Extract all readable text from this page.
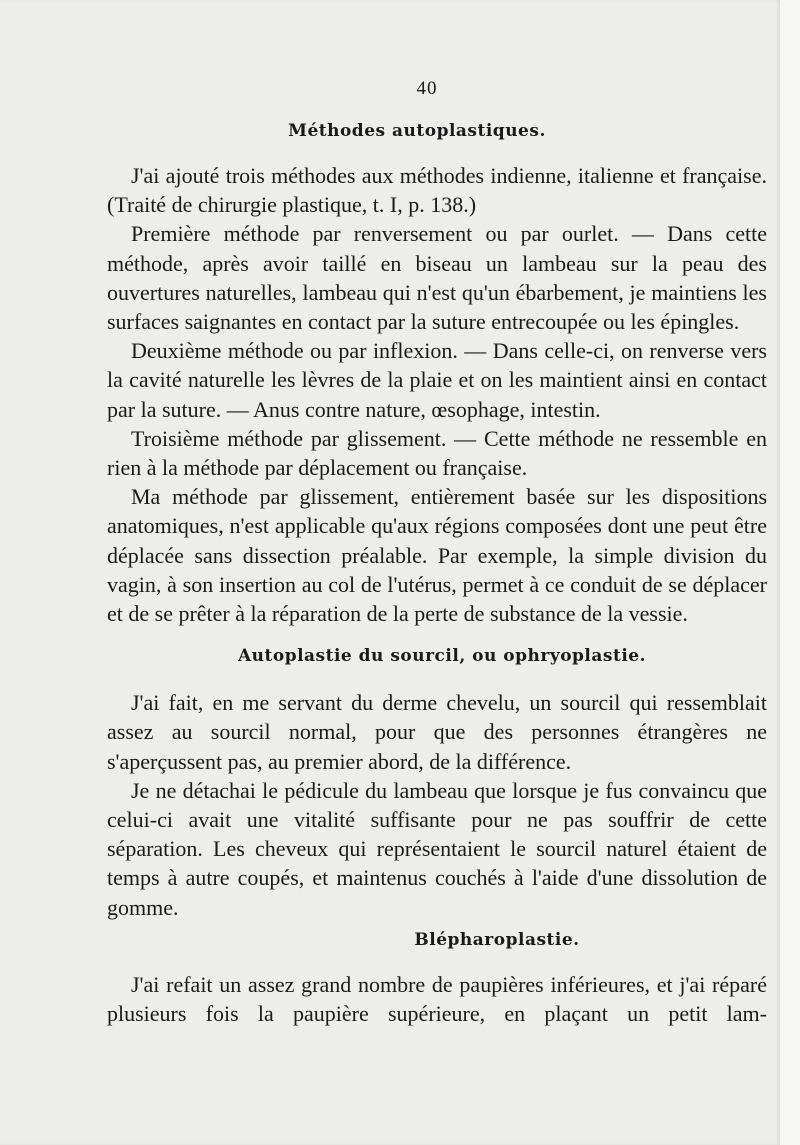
40
Méthodes autoplastiques.

J'ai ajouté trois méthodes aux méthodes indienne, italienne et française. (Traité de chirurgie plastique, t. I, p. 138.)

Première méthode par renversement ou par ourlet. — Dans cette méthode, après avoir taillé en biseau un lambeau sur la peau des ouvertures naturelles, lambeau qui n'est qu'un ébarbement, je maintiens les surfaces saignantes en contact par la suture entrecoupée ou les épingles.

Deuxième méthode ou par inflexion. — Dans celle-ci, on renverse vers la cavité naturelle les lèvres de la plaie et on les maintient ainsi en contact par la suture. — Anus contre nature, œsophage, intestin.

Troisième méthode par glissement. — Cette méthode ne ressemble en rien à la méthode par déplacement ou française.

Ma méthode par glissement, entièrement basée sur les dispositions anatomiques, n'est applicable qu'aux régions composées dont une peut être déplacée sans dissection préalable. Par exemple, la simple division du vagin, à son insertion au col de l'utérus, permet à ce conduit de se déplacer et de se prêter à la réparation de la perte de substance de la vessie.

Autoplastie du sourcil, ou ophryoplastie.

J'ai fait, en me servant du derme chevelu, un sourcil qui ressemblait assez au sourcil normal, pour que des personnes étrangères ne s'aperçussent pas, au premier abord, de la différence.

Je ne détachai le pédicule du lambeau que lorsque je fus convaincu que celui-ci avait une vitalité suffisante pour ne pas souffrir de cette séparation. Les cheveux qui représentaient le sourcil naturel étaient de temps à autre coupés, et maintenus couchés à l'aide d'une dissolution de gomme.

Blépharoplastie.

J'ai refait un assez grand nombre de paupières inférieures, et j'ai réparé plusieurs fois la paupière supérieure, en plaçant un petit lam-
